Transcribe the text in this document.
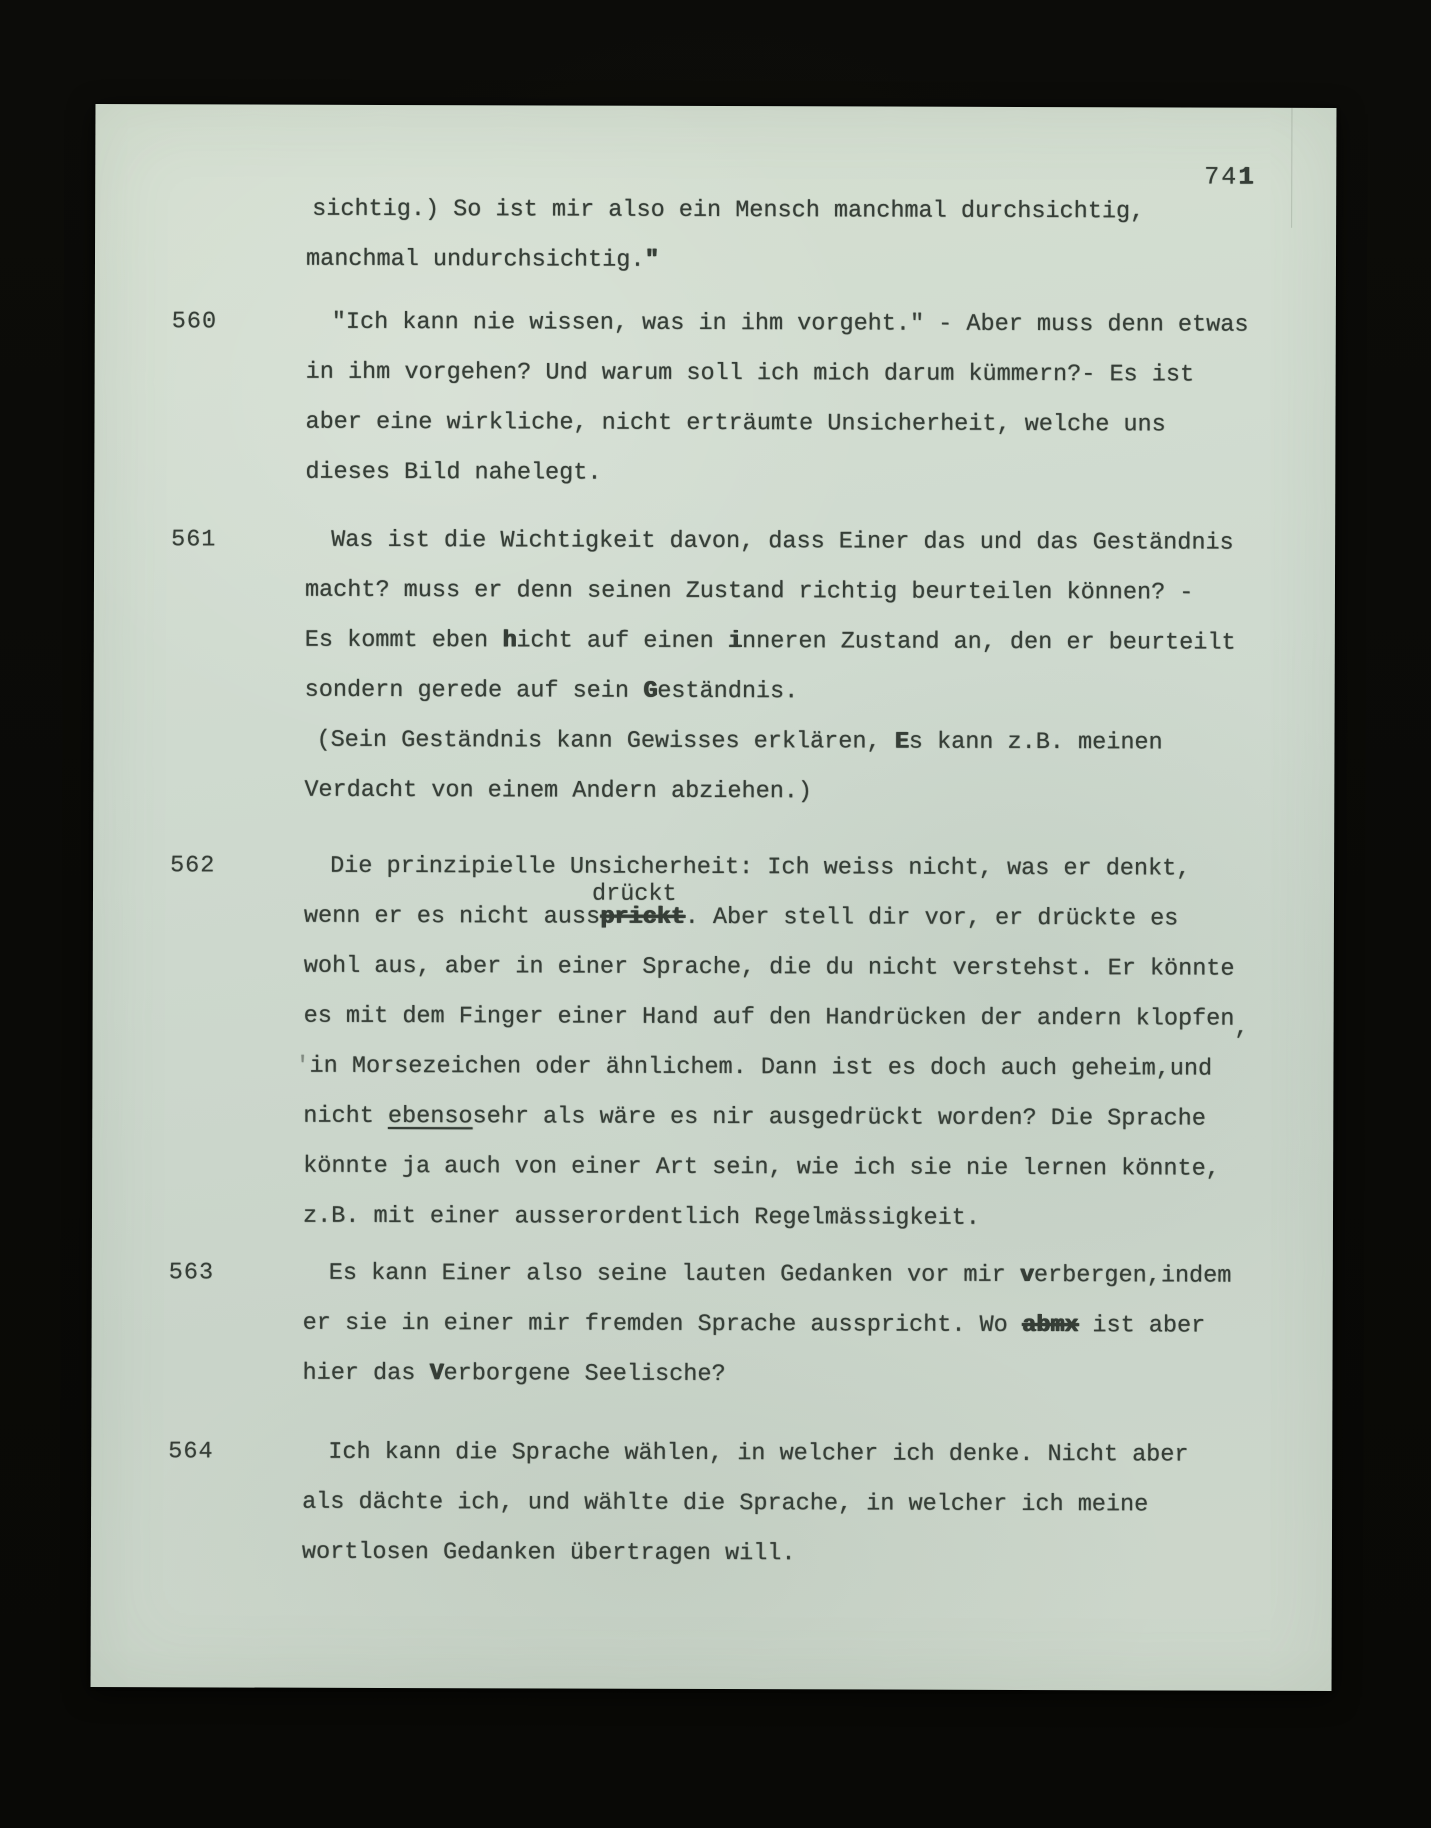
741
sichtig.) So ist mir also ein Mensch manchmal durchsichtig,
manchmal undurchsichtig."
560	"Ich kann nie wissen, was in ihm vorgeht." - Aber muss denn etwas
in ihm vorgehen? Und warum soll ich mich darum kümmern?- Es ist
aber eine wirkliche, nicht erträumte Unsicherheit, welche uns
dieses Bild nahelegt.
561	Was ist die Wichtigkeit davon, dass Einer das und das Geständnis
macht? muss er denn seinen Zustand richtig beurteilen können? -
Es kommt eben hicht auf einen inneren Zustand an, den er beurteilt
sondern gerede auf sein Geständnis.
(Sein Geständnis kann Gewisses erklären, Es kann z.B. meinen
Verdacht von einem Andern abziehen.)
562	Die prinzipielle Unsicherheit: Ich weiss nicht, was er denkt,
wenn er es nicht aussprickt. Aber stell dir vor, er drückte es
wohl aus, aber in einer Sprache, die du nicht verstehst. Er könnte
es mit dem Finger einer Hand auf den Handrücken der andern klopfen,
'in Morsezeichen oder ähnlichem. Dann ist es doch auch geheim,und
nicht ebensosehr als wäre es nir ausgedrückt worden? Die Sprache
könnte ja auch von einer Art sein, wie ich sie nie lernen könnte,
z.B. mit einer ausserordentlich Regelmässigkeit.
drückt
563	Es kann Einer also seine lauten Gedanken vor mir verbergen,indem
er sie in einer mir fremden Sprache ausspricht. Wo abmx ist aber
hier das Verborgene Seelische?
564	Ich kann die Sprache wählen, in welcher ich denke. Nicht aber
als dächte ich, und wählte die Sprache, in welcher ich meine
wortlosen Gedanken übertragen will.
